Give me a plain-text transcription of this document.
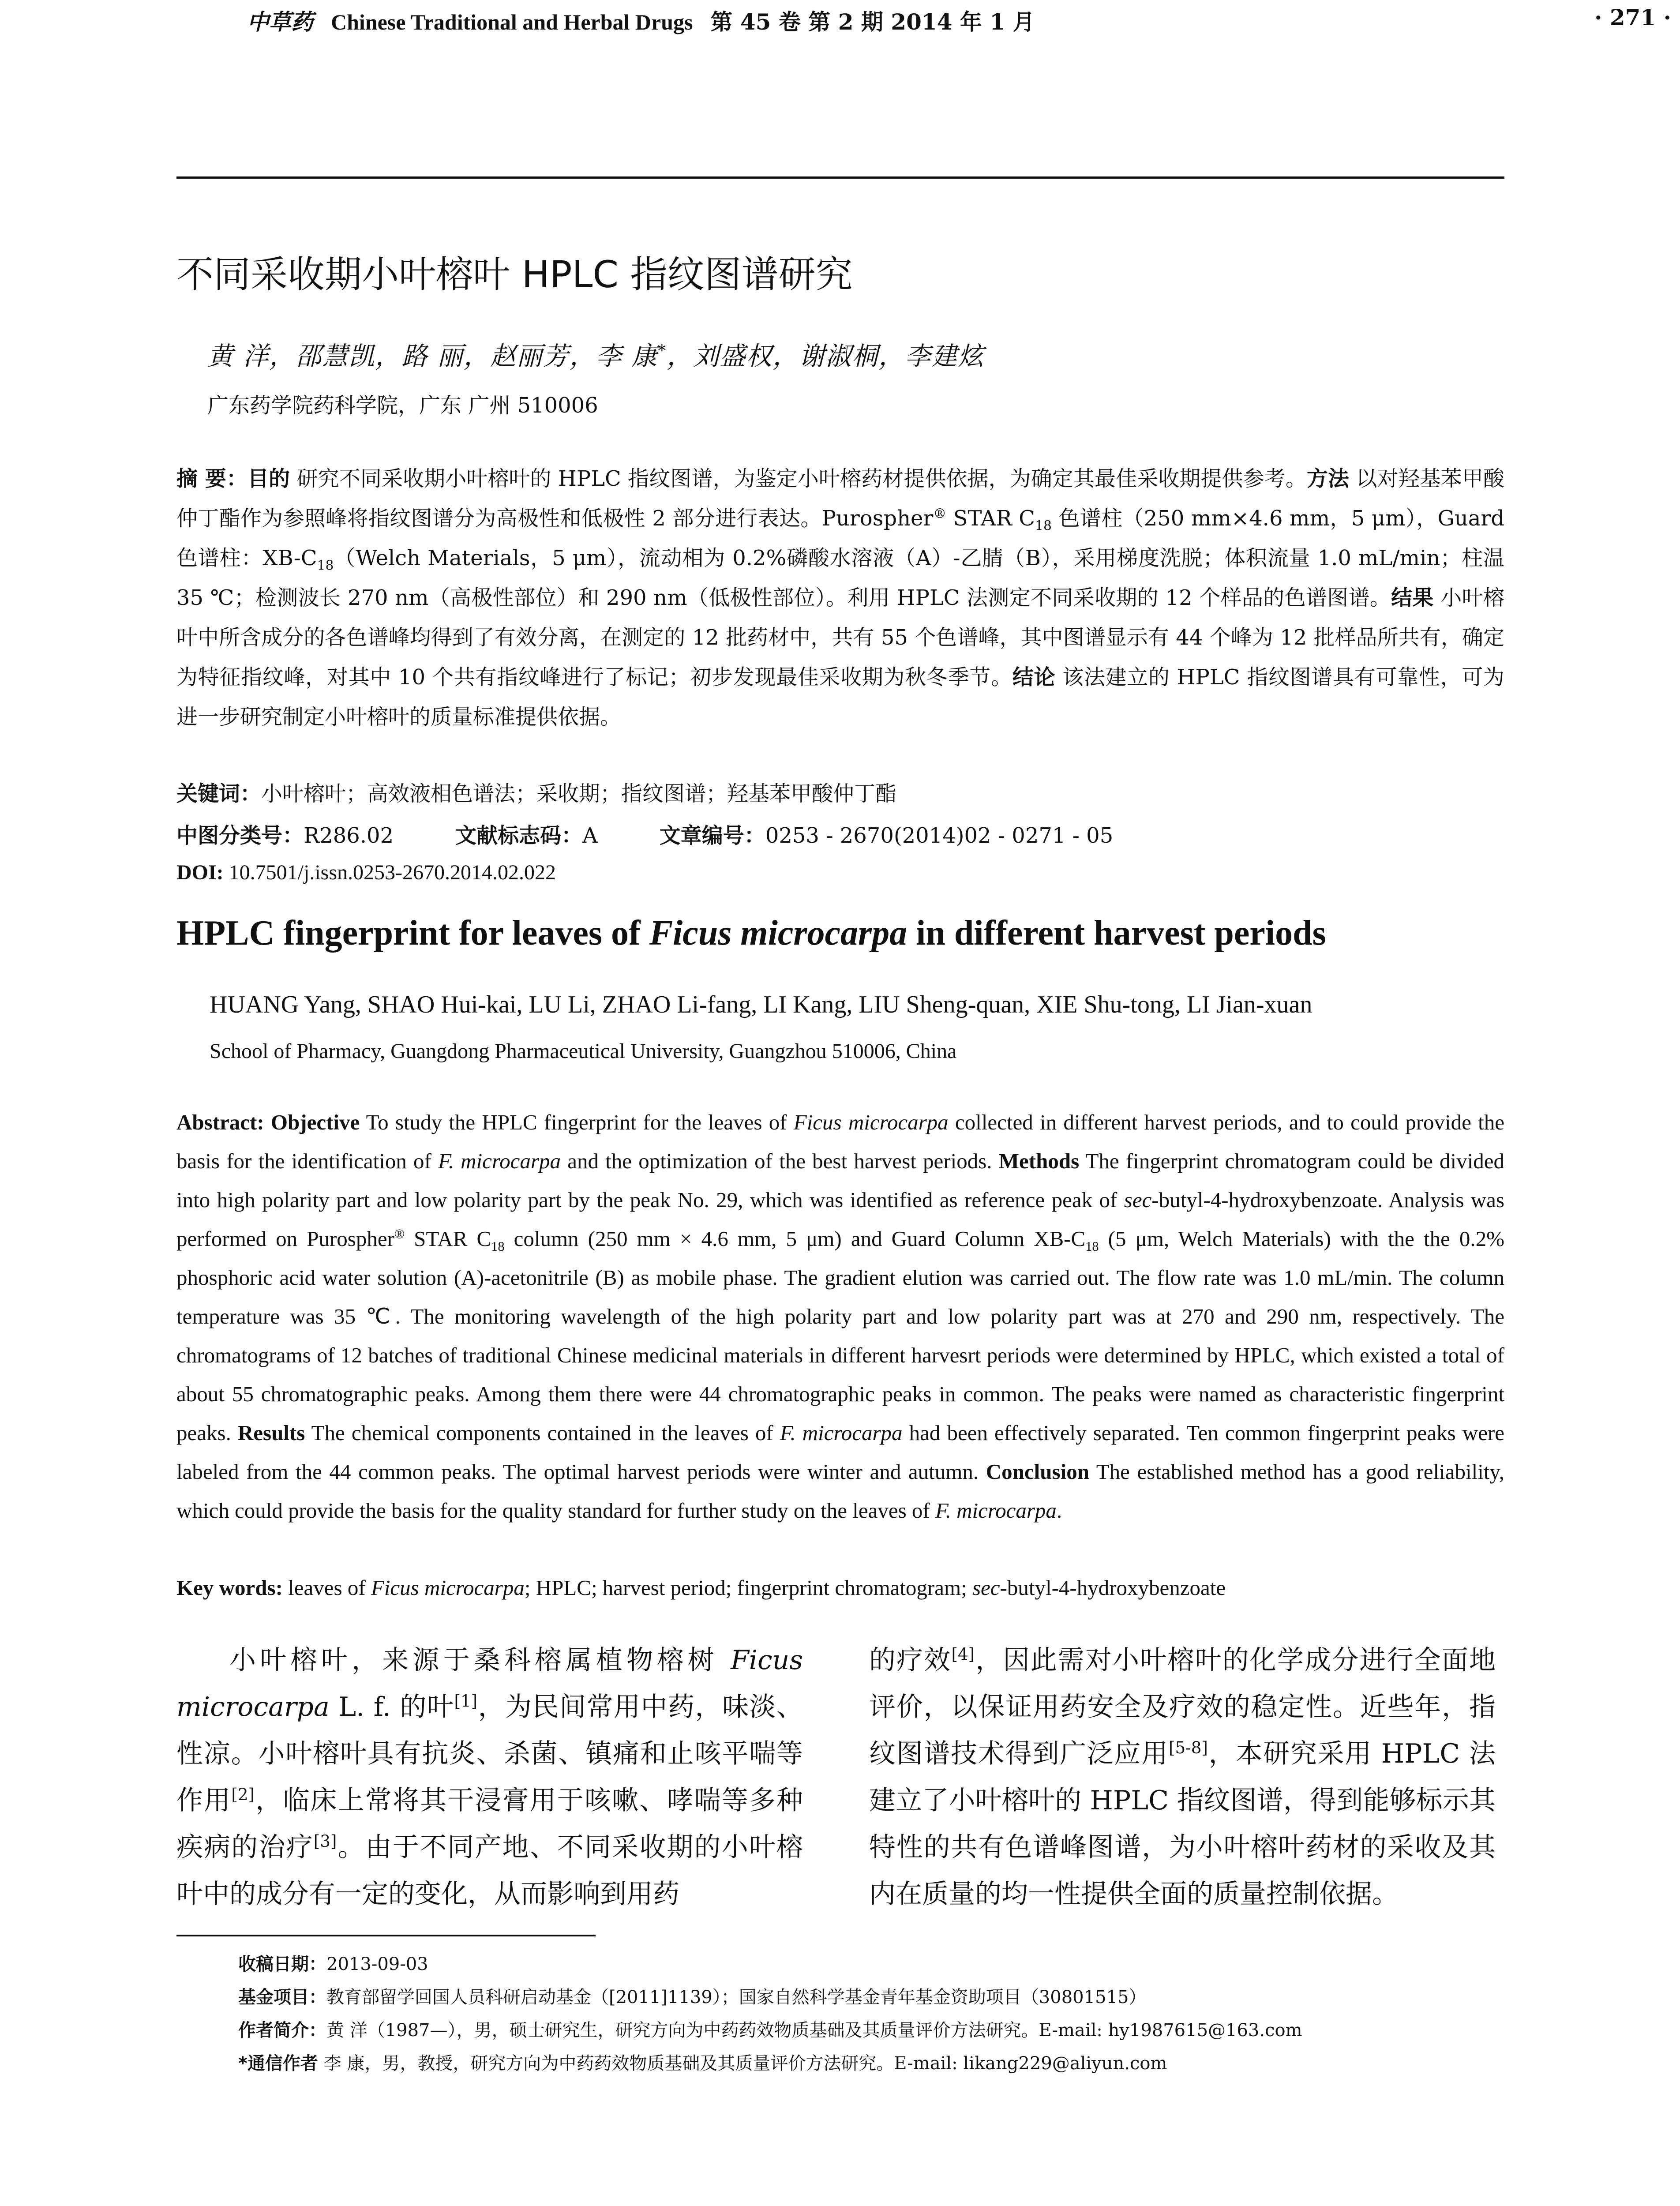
中草药 Chinese Traditional and Herbal Drugs 第 45 卷 第 2 期 2014 年 1 月	· 271 ·
不同采收期小叶榕叶 HPLC 指纹图谱研究
黄 洋，邵慧凯，路 丽，赵丽芳，李 康*，刘盛权，谢淑桐，李建炫
广东药学院药科学院，广东 广州 510006
摘 要：目的 研究不同采收期小叶榕叶的 HPLC 指纹图谱，为鉴定小叶榕药材提供依据，为确定其最佳采收期提供参考。方法 以对羟基苯甲酸仲丁酯作为参照峰将指纹图谱分为高极性和低极性 2 部分进行表达。Purospher® STAR $C_{18}$ 色谱柱（250 mm×4.6 mm，5 μm），Guard 色谱柱：$XB-C_{18}(Welch$ Materials，5 μm），流动相为 0.2%磷酸水溶液（A）-乙腈（B），采用梯度洗脱；体积流量 1.0 mL/min；柱温 35 ℃；检测波长 270 nm（高极性部位）和 290 nm（低极性部位）。利用 HPLC 法测定不同采收期的 12 个样品的色谱图谱。结果 小叶榕叶中所含成分的各色谱峰均得到了有效分离，在测定的 12 批药材中，共有 55 个色谱峰，其中图谱显示有 44 个峰为 12 批样品所共有，确定为特征指纹峰，对其中 10 个共有指纹峰进行了标记；初步发现最佳采收期为秋冬季节。结论 该法建立的 HPLC 指纹图谱具有可靠性，可为进一步研究制定小叶榕叶的质量标准提供依据。
关键词：小叶榕叶；高效液相色谱法；采收期；指纹图谱；羟基苯甲酸仲丁酯
中图分类号：R286.02	文献标志码：A	文章编号：0253 - 2670(2014)02 - 0271 - 05
DOI: 10.7501/j.issn.0253-2670.2014.02.022
HPLC fingerprint for leaves of Ficus microcarpa in different harvest periods
HUANG Yang, SHAO Hui-kai, LU Li, ZHAO Li-fang, LI Kang, LIU Sheng-quan, XIE Shu-tong, LI Jian-xuan
School of Pharmacy, Guangdong Pharmaceutical University, Guangzhou 510006, China
Abstract: Objective To study the HPLC fingerprint for the leaves of Ficus microcarpa collected in different harvest periods, and to could provide the basis for the identification of F. microcarpa and the optimization of the best harvest periods. Methods The fingerprint chromatogram could be divided into high polarity part and low polarity part by the peak No. 29, which was identified as reference peak of sec-butyl-4-hydroxybenzoate. Analysis was performed on Purospher® STAR $C_{18}$ column (250 mm × 4.6 mm, 5 μm) and Guard Column $XB-C_{18}$ (5 μm, Welch Materials) with the the 0.2% phosphoric acid water solution (A)-acetonitrile (B) as mobile phase. The gradient elution was carried out. The flow rate was 1.0 mL/min. The column temperature was 35 ℃. The monitoring wavelength of the high polarity part and low polarity part was at 270 and 290 nm, respectively. The chromatograms of 12 batches of traditional Chinese medicinal materials in different harvesrt periods were determined by HPLC, which existed a total of about 55 chromatographic peaks. Among them there were 44 chromatographic peaks in common. The peaks were named as characteristic fingerprint peaks. Results The chemical components contained in the leaves of F. microcarpa had been effectively separated. Ten common fingerprint peaks were labeled from the 44 common peaks. The optimal harvest periods were winter and autumn. Conclusion The established method has a good reliability, which could provide the basis for the quality standard for further study on the leaves of F. microcarpa.
Key words: leaves of Ficus microcarpa; HPLC; harvest period; fingerprint chromatogram; sec-butyl-4-hydroxybenzoate
小叶榕叶，来源于桑科榕属植物榕树 Ficus microcarpa L. f. 的叶[1]，为民间常用中药，味淡、性凉。小叶榕叶具有抗炎、杀菌、镇痛和止咳平喘等作用[2]，临床上常将其干浸膏用于咳嗽、哮喘等多种疾病的治疗[3]。由于不同产地、不同采收期的小叶榕叶中的成分有一定的变化，从而影响到用药
的疗效[4]，因此需对小叶榕叶的化学成分进行全面地评价，以保证用药安全及疗效的稳定性。近些年，指纹图谱技术得到广泛应用[5-8]，本研究采用 HPLC 法建立了小叶榕叶的 HPLC 指纹图谱，得到能够标示其特性的共有色谱峰图谱，为小叶榕叶药材的采收及其内在质量的均一性提供全面的质量控制依据。
收稿日期：2013-09-03
基金项目：教育部留学回国人员科研启动基金（[2011]1139）；国家自然科学基金青年基金资助项目（30801515）
作者简介：黄 洋（1987—），男，硕士研究生，研究方向为中药药效物质基础及其质量评价方法研究。E-mail: hy1987615@163.com
*通信作者 李 康，男，教授，研究方向为中药药效物质基础及其质量评价方法研究。E-mail: likang229@aliyun.com
